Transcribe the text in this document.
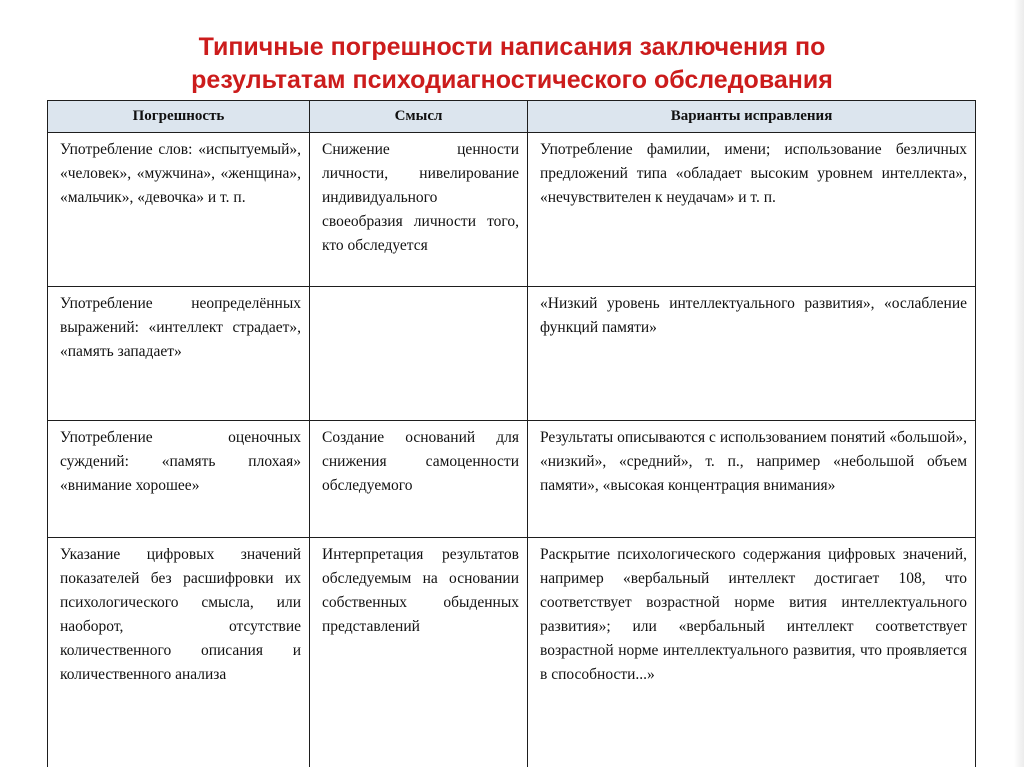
Типичные погрешности написания заключения по
результатам психодиагностического обследования
Погрешность	Смысл	Варианты исправления

Употребление слов: «испытуемый», «человек», «мужчина», «женщина», «мальчик», «девочка» и т. п.	Снижение ценности личности, нивелирование индивидуального своеобразия личности того, кто обследуется	Употребление фамилии, имени; использование безличных предложений типа «обладает высоким уровнем интеллекта», «нечувствителен к неудачам» и т. п.

Употребление неопределённых выражений: «интеллект страдает», «память западает»		«Низкий уровень интеллектуального развития», «ослабление функций памяти»

Употребление оценочных суждений: «память плохая» «внимание хорошее»	Создание оснований для снижения самоценности обследуемого	Результаты описываются с использованием понятий «большой», «низкий», «средний», т. п., например «небольшой объем памяти», «высокая концентрация внимания»

Указание цифровых значений показателей без расшифровки их психологического смысла, или наоборот, отсутствие количественного описания и количественного анализа	Интерпретация результатов обследуемым на основании собственных обыденных представлений	Раскрытие психологического содержания цифровых значений, например «вербальный интеллект достигает 108, что соответствует возрастной норме вития интеллектуального развития»; или «вербальный интеллект соответствует возрастной норме интеллектуального развития, что проявляется в способности...»
